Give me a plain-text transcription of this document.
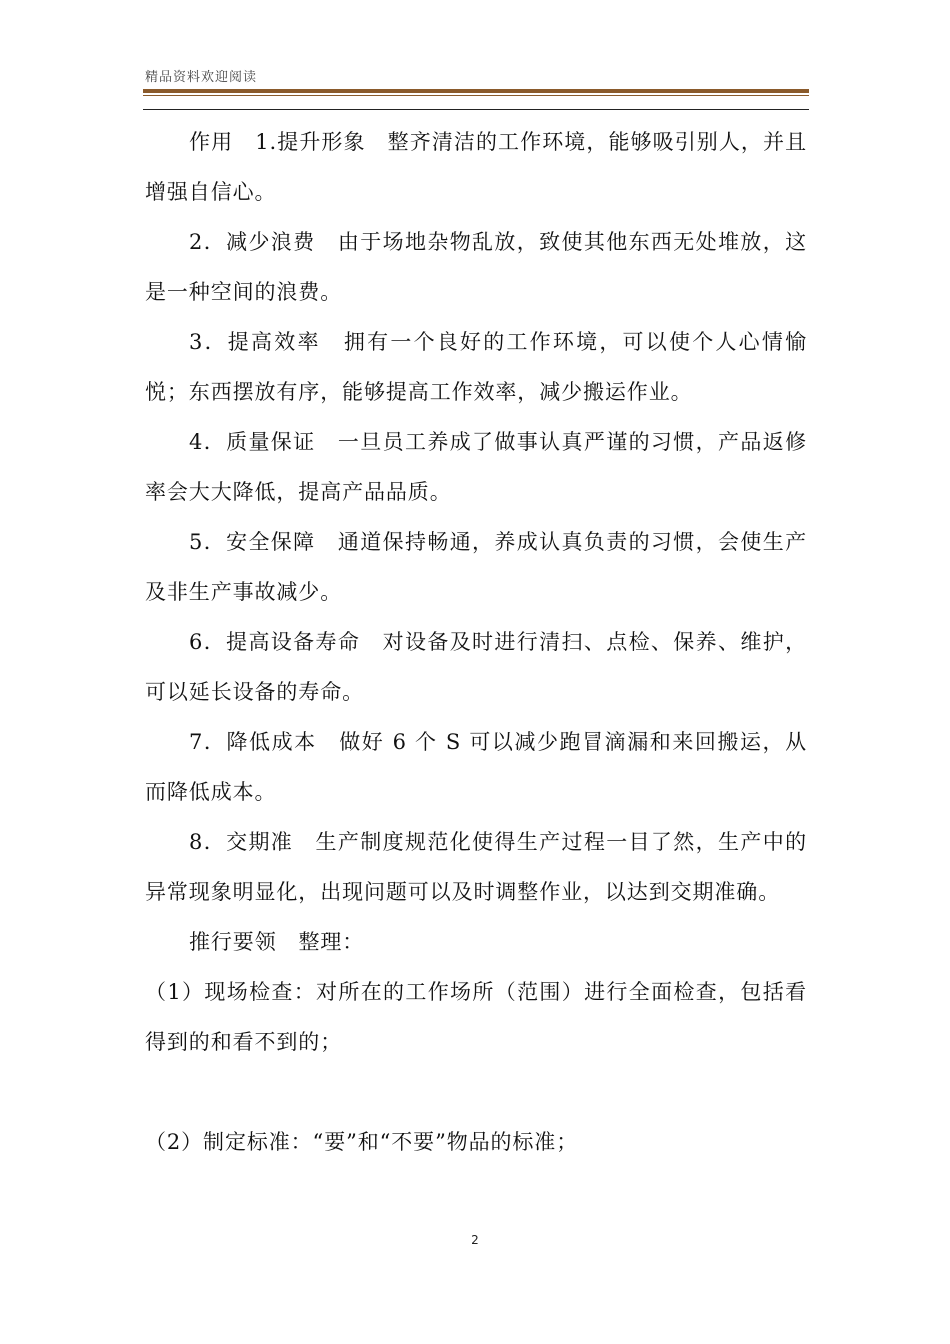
精品资料欢迎阅读

作用　1.提升形象　整齐清洁的工作环境，能够吸引别人，并且增强自信心。

2．减少浪费　由于场地杂物乱放，致使其他东西无处堆放，这是一种空间的浪费。

3．提高效率　拥有一个良好的工作环境，可以使个人心情愉悦；东西摆放有序，能够提高工作效率，减少搬运作业。

4．质量保证　一旦员工养成了做事认真严谨的习惯，产品返修率会大大降低，提高产品品质。

5．安全保障　通道保持畅通，养成认真负责的习惯，会使生产及非生产事故减少。

6．提高设备寿命　对设备及时进行清扫、点检、保养、维护，可以延长设备的寿命。

7．降低成本　做好 6 个 S 可以减少跑冒滴漏和来回搬运，从而降低成本。

8．交期准　生产制度规范化使得生产过程一目了然，生产中的异常现象明显化，出现问题可以及时调整作业，以达到交期准确。

推行要领　整理：

（1）现场检查：对所在的工作场所（范围）进行全面检查，包括看得到的和看不到的；

（2）制定标准：“要”和“不要”物品的标准；

2
